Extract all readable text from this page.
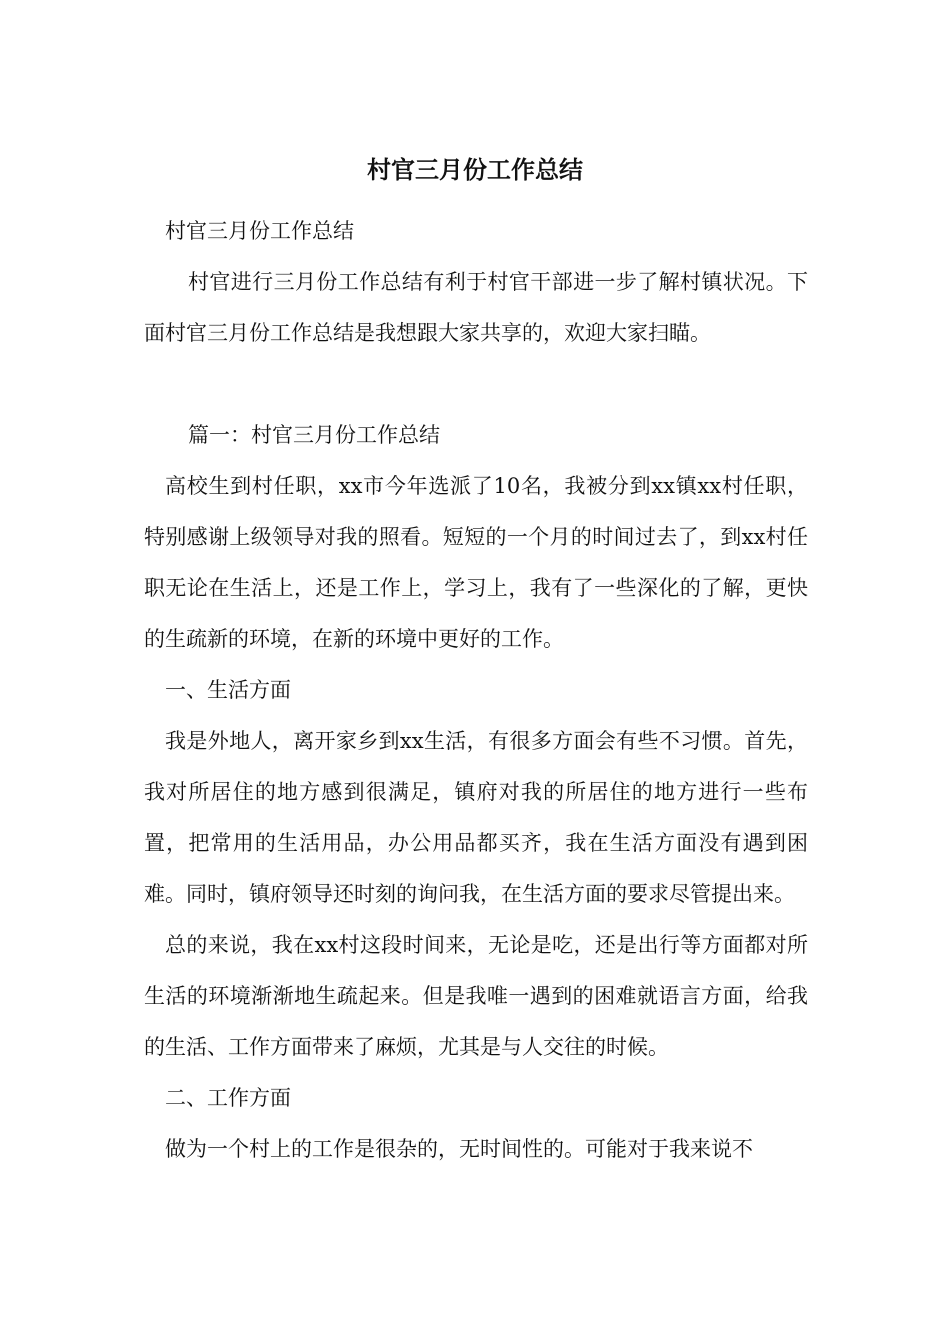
村官三月份工作总结

村官三月份工作总结

村官进行三月份工作总结有利于村官干部进一步了解村镇状况。下面村官三月份工作总结是我想跟大家共享的，欢迎大家扫瞄。

篇一：村官三月份工作总结

高校生到村任职，xx市今年选派了10名，我被分到xx镇xx村任职，特别感谢上级领导对我的照看。短短的一个月的时间过去了，到xx村任职无论在生活上，还是工作上，学习上，我有了一些深化的了解，更快的生疏新的环境，在新的环境中更好的工作。

一、生活方面

我是外地人，离开家乡到xx生活，有很多方面会有些不习惯。首先，我对所居住的地方感到很满足，镇府对我的所居住的地方进行一些布置，把常用的生活用品，办公用品都买齐，我在生活方面没有遇到困难。同时，镇府领导还时刻的询问我，在生活方面的要求尽管提出来。

总的来说，我在xx村这段时间来，无论是吃，还是出行等方面都对所生活的环境渐渐地生疏起来。但是我唯一遇到的困难就语言方面，给我的生活、工作方面带来了麻烦，尤其是与人交往的时候。

二、工作方面

做为一个村上的工作是很杂的，无时间性的。可能对于我来说不
